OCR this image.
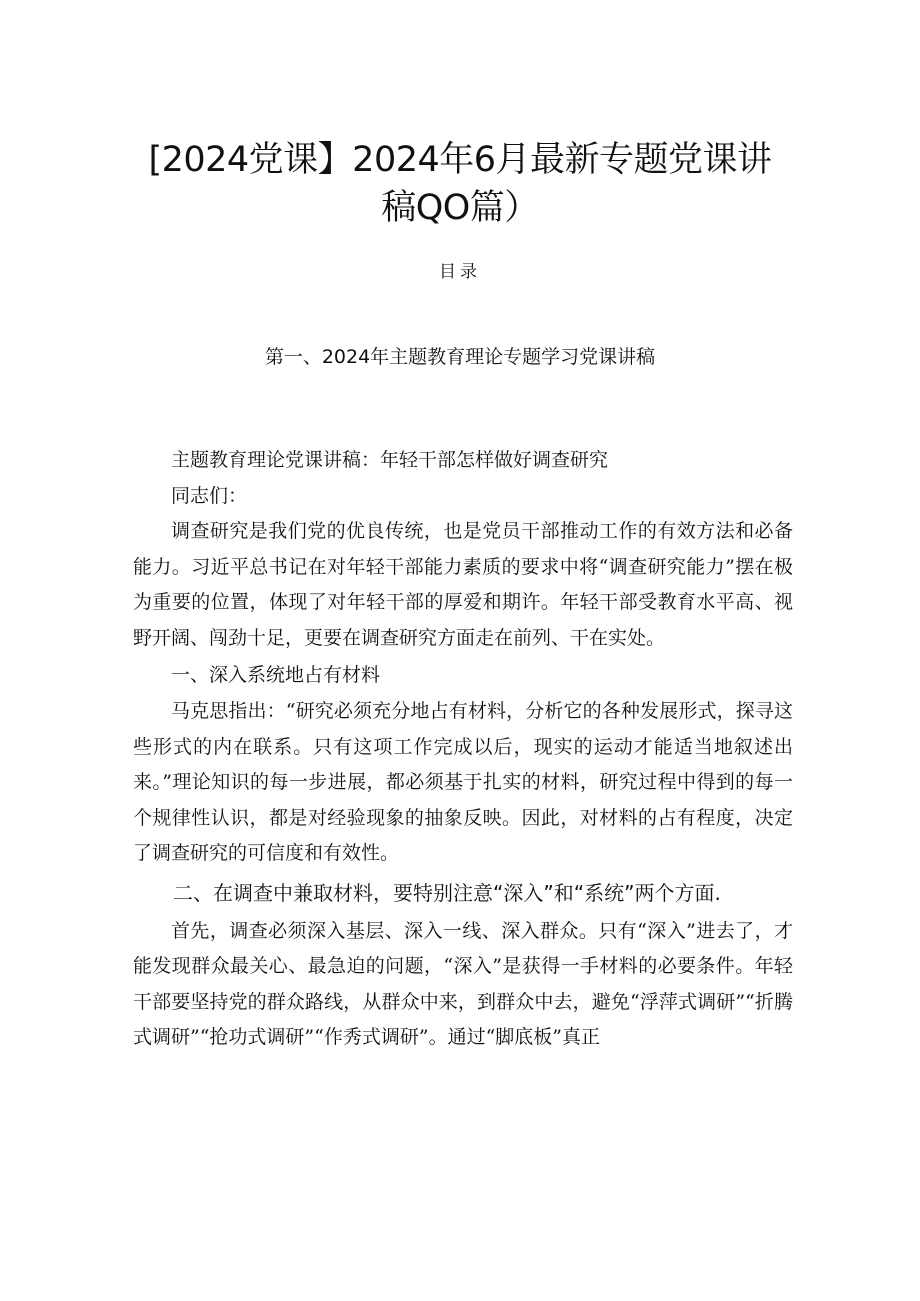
[2024党课】2024年6月最新专题党课讲
稿QO篇）
目录
第一、2024年主题教育理论专题学习党课讲稿

主题教育理论党课讲稿：年轻干部怎样做好调查研究

同志们：

调查研究是我们党的优良传统，也是党员干部推动工作的有效方法和必备能力。习近平总书记在对年轻干部能力素质的要求中将“调查研究能力”摆在极为重要的位置，体现了对年轻干部的厚爱和期许。年轻干部受教育水平高、视野开阔、闯劲十足，更要在调查研究方面走在前列、干在实处。

一、深入系统地占有材料

马克思指出：“研究必须充分地占有材料，分析它的各种发展形式，探寻这些形式的内在联系。只有这项工作完成以后，现实的运动才能适当地叙述出来。”理论知识的每一步进展，都必须基于扎实的材料，研究过程中得到的每一个规律性认识，都是对经验现象的抽象反映。因此，对材料的占有程度，决定了调查研究的可信度和有效性。

二、在调查中兼取材料，要特别注意“深入”和“系统”两个方面.

首先，调查必须深入基层、深入一线、深入群众。只有“深入”进去了，才能发现群众最关心、最急迫的问题，“深入”是获得一手材料的必要条件。年轻干部要坚持党的群众路线，从群众中来，到群众中去，避免“浮萍式调研”“折腾式调研”“抢功式调研”“作秀式调研”。通过“脚底板”真正
